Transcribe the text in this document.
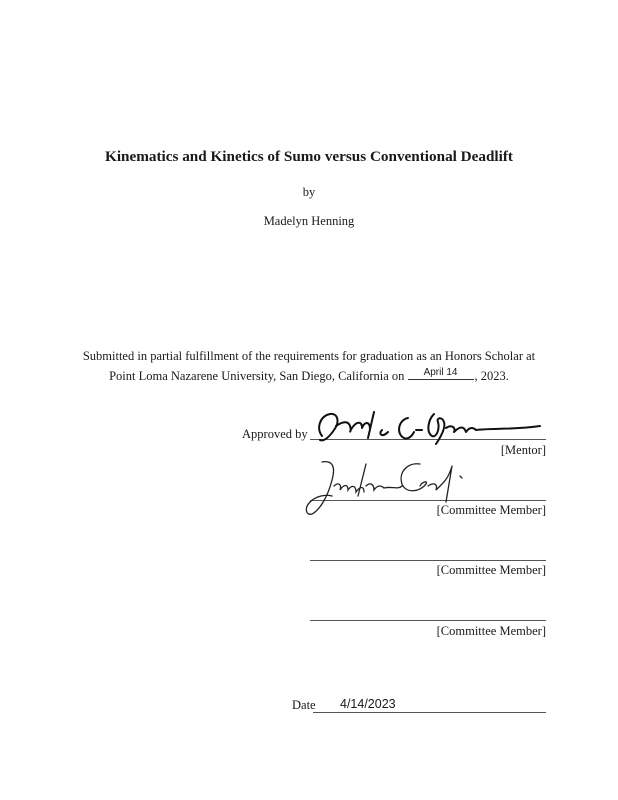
Kinematics and Kinetics of Sumo versus Conventional Deadlift
by
Madelyn Henning
Submitted in partial fulfillment of the requirements for graduation as an Honors Scholar at
Point Loma Nazarene University, San Diego, California on	April 14	, 2023.
Approved by
[Mentor]
[Committee Member]
[Committee Member]
[Committee Member]
Date 4/14/2023
